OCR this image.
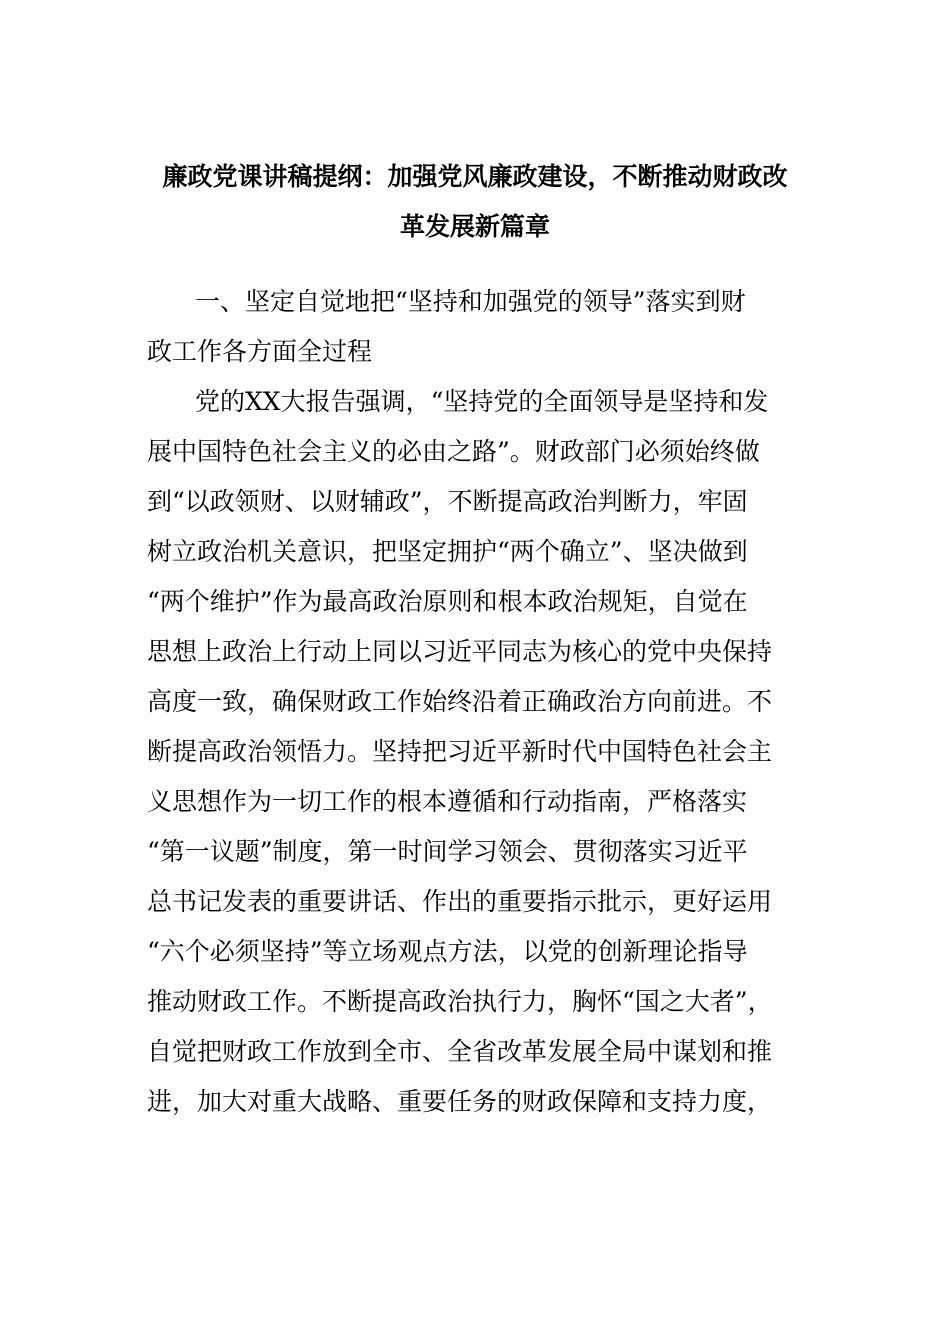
廉政党课讲稿提纲：加强党风廉政建设，不断推动财政改
革发展新篇章
一、坚定自觉地把“坚持和加强党的领导”落实到财
政工作各方面全过程
党的XX大报告强调，“坚持党的全面领导是坚持和发
展中国特色社会主义的必由之路”。财政部门必须始终做
到“以政领财、以财辅政”，不断提高政治判断力，牢固
树立政治机关意识，把坚定拥护“两个确立”、坚决做到
“两个维护”作为最高政治原则和根本政治规矩，自觉在
思想上政治上行动上同以习近平同志为核心的党中央保持
高度一致，确保财政工作始终沿着正确政治方向前进。不
断提高政治领悟力。坚持把习近平新时代中国特色社会主
义思想作为一切工作的根本遵循和行动指南，严格落实
“第一议题”制度，第一时间学习领会、贯彻落实习近平
总书记发表的重要讲话、作出的重要指示批示，更好运用
“六个必须坚持”等立场观点方法，以党的创新理论指导
推动财政工作。不断提高政治执行力，胸怀“国之大者”，
自觉把财政工作放到全市、全省改革发展全局中谋划和推
进，加大对重大战略、重要任务的财政保障和支持力度，
